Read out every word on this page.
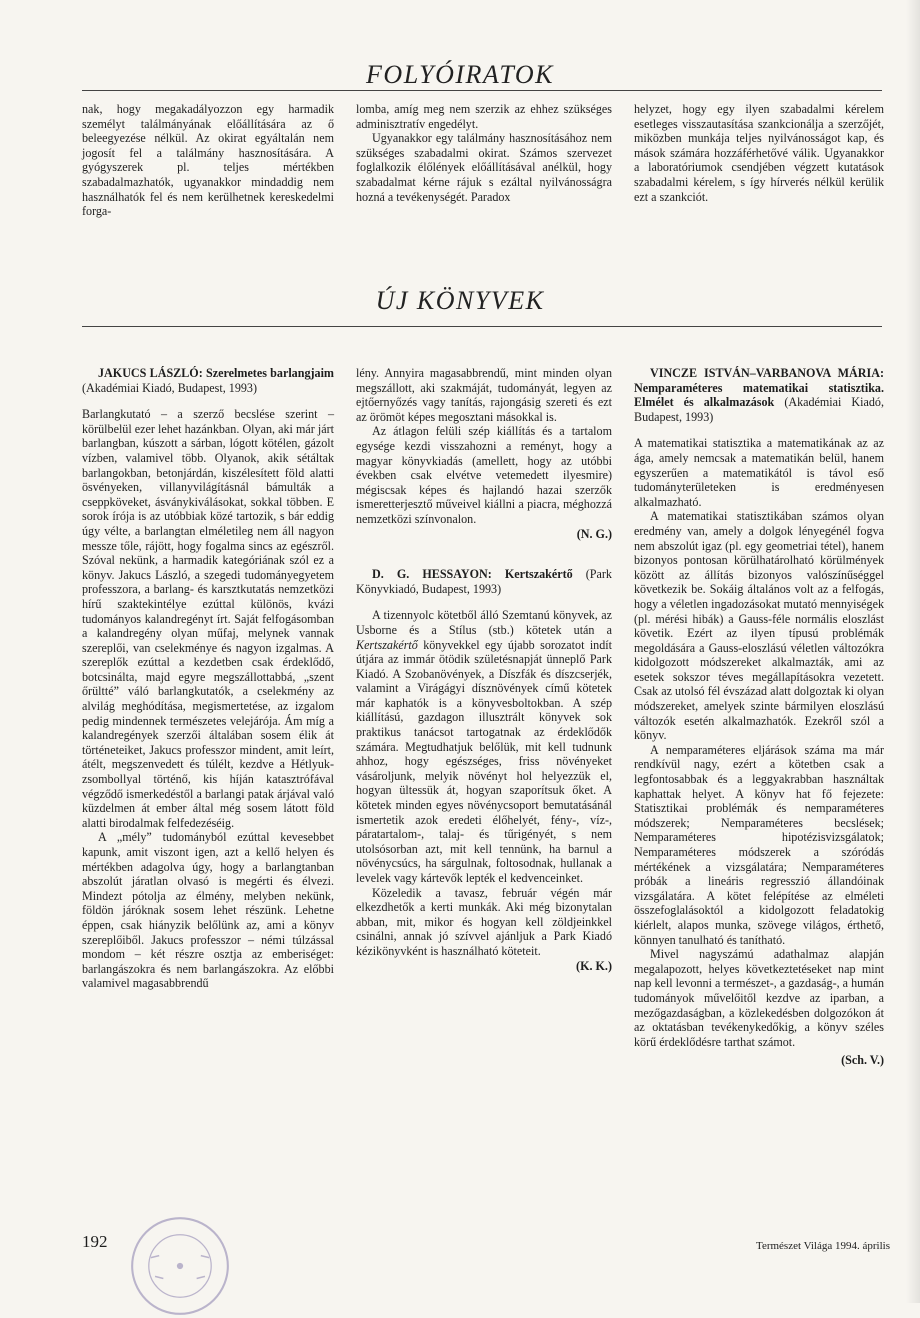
FOLYÓIRATOK

nak, hogy megakadályozzon egy harmadik személyt találmányának előállítására az ő beleegyezése nélkül. Az okirat egyáltalán nem jogosít fel a találmány hasznosítására. A gyógyszerek pl. teljes mértékben szabadalmazhatók, ugyanakkor mindaddig nem használhatók fel és nem kerülhetnek kereskedelmi forga-

lomba, amíg meg nem szerzik az ehhez szükséges adminisztratív engedélyt.

Ugyanakkor egy találmány hasznosításához nem szükséges szabadalmi okirat. Számos szervezet foglalkozik élőlények előállításával anélkül, hogy szabadalmat kérne rájuk s ezáltal nyilvánosságra hozná a tevékenységét. Paradox

helyzet, hogy egy ilyen szabadalmi kérelem esetleges visszautasítása szankcionálja a szerzőjét, miközben munkája teljes nyilvánosságot kap, és mások számára hozzáférhetővé válik. Ugyanakkor a laboratóriumok csendjében végzett kutatások szabadalmi kérelem, s így hírverés nélkül kerülik ezt a szankciót.

ÚJ KÖNYVEK

JAKUCS LÁSZLÓ: Szerelmetes barlangjaim (Akadémiai Kiadó, Budapest, 1993)

Barlangkutató – a szerző becslése szerint – körülbelül ezer lehet hazánkban. Olyan, aki már járt barlangban, kúszott a sárban, lógott kötélen, gázolt vízben, valamivel több. Olyanok, akik sétáltak barlangokban, betonjárdán, kiszélesített föld alatti ösvényeken, villanyvilágításnál bámulták a cseppköveket, ásványkiválásokat, sokkal többen. E sorok írója is az utóbbiak közé tartozik, s bár eddig úgy vélte, a barlangtan elméletileg nem áll nagyon messze tőle, rájött, hogy fogalma sincs az egészről. Szóval nekünk, a harmadik kategóriának szól ez a könyv. Jakucs László, a szegedi tudományegyetem professzora, a barlang- és karsztkutatás nemzetközi hírű szaktekintélye ezúttal különös, kvázi tudományos kalandregényt írt. Saját felfogásomban a kalandregény olyan műfaj, melynek vannak szereplői, van cselekménye és nagyon izgalmas. A szereplők ezúttal a kezdetben csak érdeklődő, botcsinálta, majd egyre megszállottabbá, „szent őrültté” váló barlangkutatók, a cselekmény az alvilág meghódítása, megismertetése, az izgalom pedig mindennek természetes velejárója. Ám míg a kalandregények szerzői általában sosem élik át történeteiket, Jakucs professzor mindent, amit leírt, átélt, megszenvedett és túlélt, kezdve a Hétlyuk-zsombollyal történő, kis híján katasztrófával végződő ismerkedéstől a barlangi patak árjával való küzdelmen át ember által még sosem látott föld alatti birodalmak felfedezéséig.

A „mély” tudományból ezúttal kevesebbet kapunk, amit viszont igen, azt a kellő helyen és mértékben adagolva úgy, hogy a barlangtanban abszolút járatlan olvasó is megérti és élvezi. Mindezt pótolja az élmény, melyben nekünk, földön járóknak sosem lehet részünk. Lehetne éppen, csak hiányzik belőlünk az, ami a könyv szereplőiből. Jakucs professzor – némi túlzással mondom – két részre osztja az emberiséget: barlangászokra és nem barlangászokra. Az előbbi valamivel magasabbrendű

lény. Annyira magasabbrendű, mint minden olyan megszállott, aki szakmáját, tudományát, legyen az ejtőernyőzés vagy tanítás, rajongásig szereti és ezt az örömöt képes megosztani másokkal is.

Az átlagon felüli szép kiállítás és a tartalom egysége kezdi visszahozni a reményt, hogy a magyar könyvkiadás (amellett, hogy az utóbbi években csak elvétve vetemedett ilyesmire) mégiscsak képes és hajlandó hazai szerzők ismeretterjesztő műveivel kiállni a piacra, méghozzá nemzetközi színvonalon.

(N. G.)

D. G. HESSAYON: Kertszakértő (Park Könyvkiadó, Budapest, 1993)

A tizennyolc kötetből álló Szemtanú könyvek, az Usborne és a Stílus (stb.) kötetek után a Kertszakértő könyvekkel egy újabb sorozatot indít útjára az immár ötödik születésnapját ünneplő Park Kiadó. A Szobanövények, a Díszfák és díszcserjék, valamint a Virágágyi dísznövények című kötetek már kaphatók is a könyvesboltokban. A szép kiállítású, gazdagon illusztrált könyvek sok praktikus tanácsot tartogatnak az érdeklődők számára. Megtudhatjuk belőlük, mit kell tudnunk ahhoz, hogy egészséges, friss növényeket vásároljunk, melyik növényt hol helyezzük el, hogyan ültessük át, hogyan szaporítsuk őket. A kötetek minden egyes növénycsoport bemutatásánál ismertetik azok eredeti élőhelyét, fény-, víz-, páratartalom-, talaj- és tűrigényét, s nem utolsósorban azt, mit kell tennünk, ha barnul a növénycsúcs, ha sárgulnak, foltosodnak, hullanak a levelek vagy kártevők lepték el kedvenceinket.

Közeledik a tavasz, február végén már elkezdhetők a kerti munkák. Aki még bizonytalan abban, mit, mikor és hogyan kell zöldjeinkkel csinálni, annak jó szívvel ajánljuk a Park Kiadó kézikönyvként is használható köteteit.

(K. K.)

VINCZE ISTVÁN–VARBANOVA MÁRIA: Nemparaméteres matematikai statisztika. Elmélet és alkalmazások (Akadémiai Kiadó, Budapest, 1993)

A matematikai statisztika a matematikának az az ága, amely nemcsak a matematikán belül, hanem egyszerűen a matematikától is távol eső tudományterületeken is eredményesen alkalmazható.

A matematikai statisztikában számos olyan eredmény van, amely a dolgok lényegénél fogva nem abszolút igaz (pl. egy geometriai tétel), hanem bizonyos pontosan körülhatárolható körülmények között az állítás bizonyos valószínűséggel következik be. Sokáig általános volt az a felfogás, hogy a véletlen ingadozásokat mutató mennyiségek (pl. mérési hibák) a Gauss-féle normális eloszlást követik. Ezért az ilyen típusú problémák megoldására a Gauss-eloszlású véletlen változókra kidolgozott módszereket alkalmazták, ami az esetek sokszor téves megállapításokra vezetett. Csak az utolsó fél évszázad alatt dolgoztak ki olyan módszereket, amelyek szinte bármilyen eloszlású változók esetén alkalmazhatók. Ezekről szól a könyv.

A nemparaméteres eljárások száma ma már rendkívül nagy, ezért a kötetben csak a legfontosabbak és a leggyakrabban használtak kaphattak helyet. A könyv hat fő fejezete: Statisztikai problémák és nemparaméteres módszerek; Nemparaméteres becslések; Nemparaméteres hipotézisvizsgálatok; Nemparaméteres módszerek a szóródás mértékének a vizsgálatára; Nemparaméteres próbák a lineáris regresszió állandóinak vizsgálatára. A kötet felépítése az elméleti összefoglalásoktól a kidolgozott feladatokig kiérlelt, alapos munka, szövege világos, érthető, könnyen tanulható és tanítható.

Mivel nagyszámú adathalmaz alapján megalapozott, helyes következtetéseket nap mint nap kell levonni a természet-, a gazdaság-, a humán tudományok művelőitől kezdve az iparban, a mezőgazdaságban, a közlekedésben dolgozókon át az oktatásban tevékenykedőkig, a könyv széles körű érdeklődésre tarthat számot.

(Sch. V.)

192	Természet Világa 1994. április
